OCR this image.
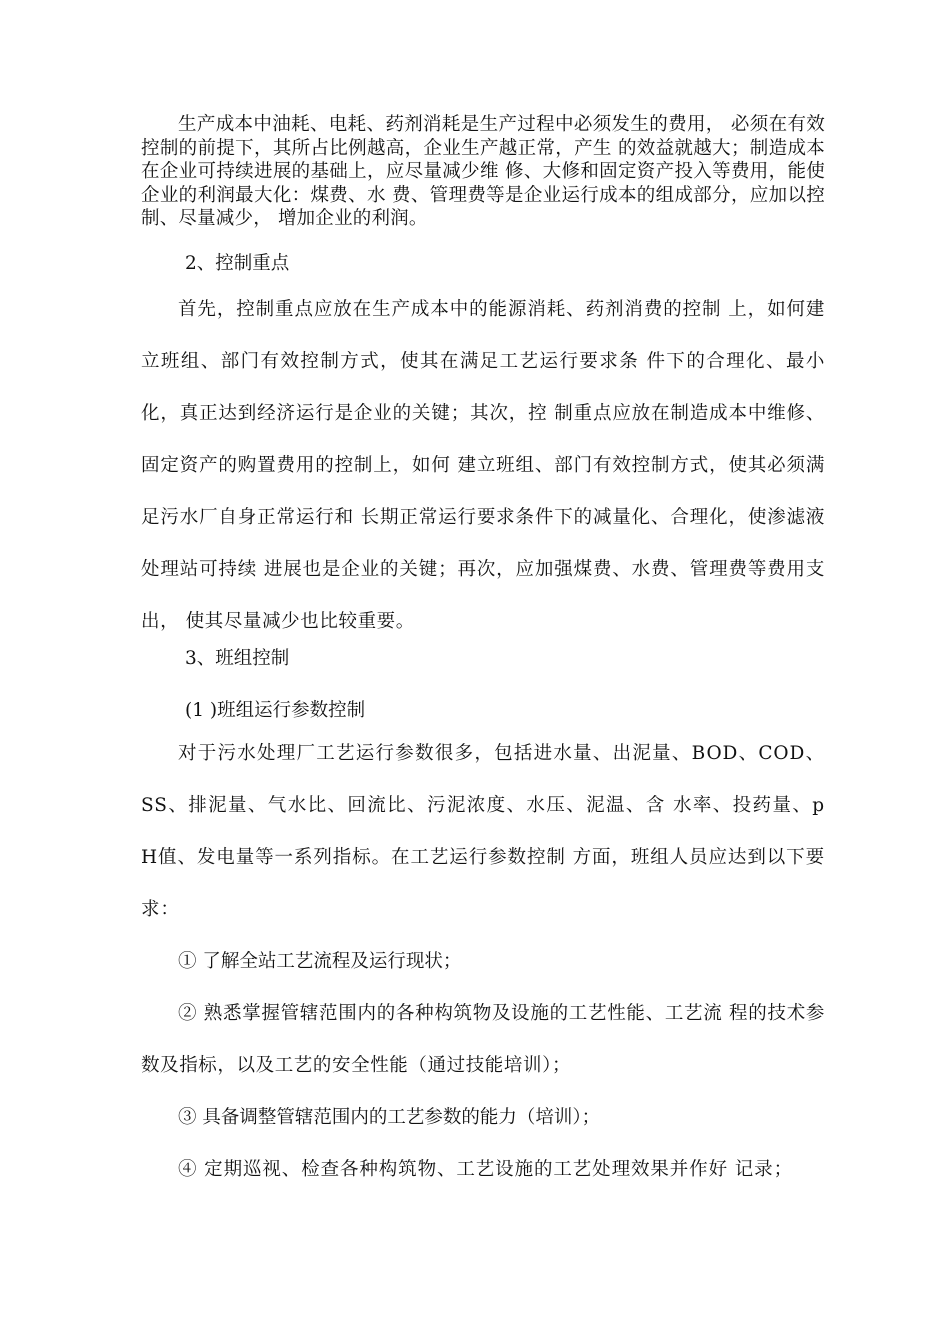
生产成本中油耗、电耗、药剂消耗是生产过程中必须发生的费用， 必须在有效控制的前提下，其所占比例越高，企业生产越正常，产生 的效益就越大；制造成本在企业可持续进展的基础上，应尽量减少维 修、大修和固定资产投入等费用，能使企业的利润最大化：煤费、水 费、管理费等是企业运行成本的组成部分，应加以控制、尽量减少， 增加企业的利润。

2、控制重点

首先，控制重点应放在生产成本中的能源消耗、药剂消费的控制 上，如何建立班组、部门有效控制方式，使其在满足工艺运行要求条 件下的合理化、最小化，真正达到经济运行是企业的关键；其次，控 制重点应放在制造成本中维修、固定资产的购置费用的控制上，如何 建立班组、部门有效控制方式，使其必须满足污水厂自身正常运行和 长期正常运行要求条件下的减量化、合理化，使渗滤液处理站可持续 进展也是企业的关键；再次，应加强煤费、水费、管理费等费用支出， 使其尽量减少也比较重要。

3、班组控制

(1 )班组运行参数控制

对于污水处理厂工艺运行参数很多，包括进水量、出泥量、BOD、COD、SS、排泥量、气水比、回流比、污泥浓度、水压、泥温、含 水率、投药量、pH值、发电量等一系列指标。在工艺运行参数控制 方面，班组人员应达到以下要求：

① 了解全站工艺流程及运行现状；

② 熟悉掌握管辖范围内的各种构筑物及设施的工艺性能、工艺流 程的技术参数及指标，以及工艺的安全性能（通过技能培训）；

③ 具备调整管辖范围内的工艺参数的能力（培训）；

④ 定期巡视、检查各种构筑物、工艺设施的工艺处理效果并作好 记录；
